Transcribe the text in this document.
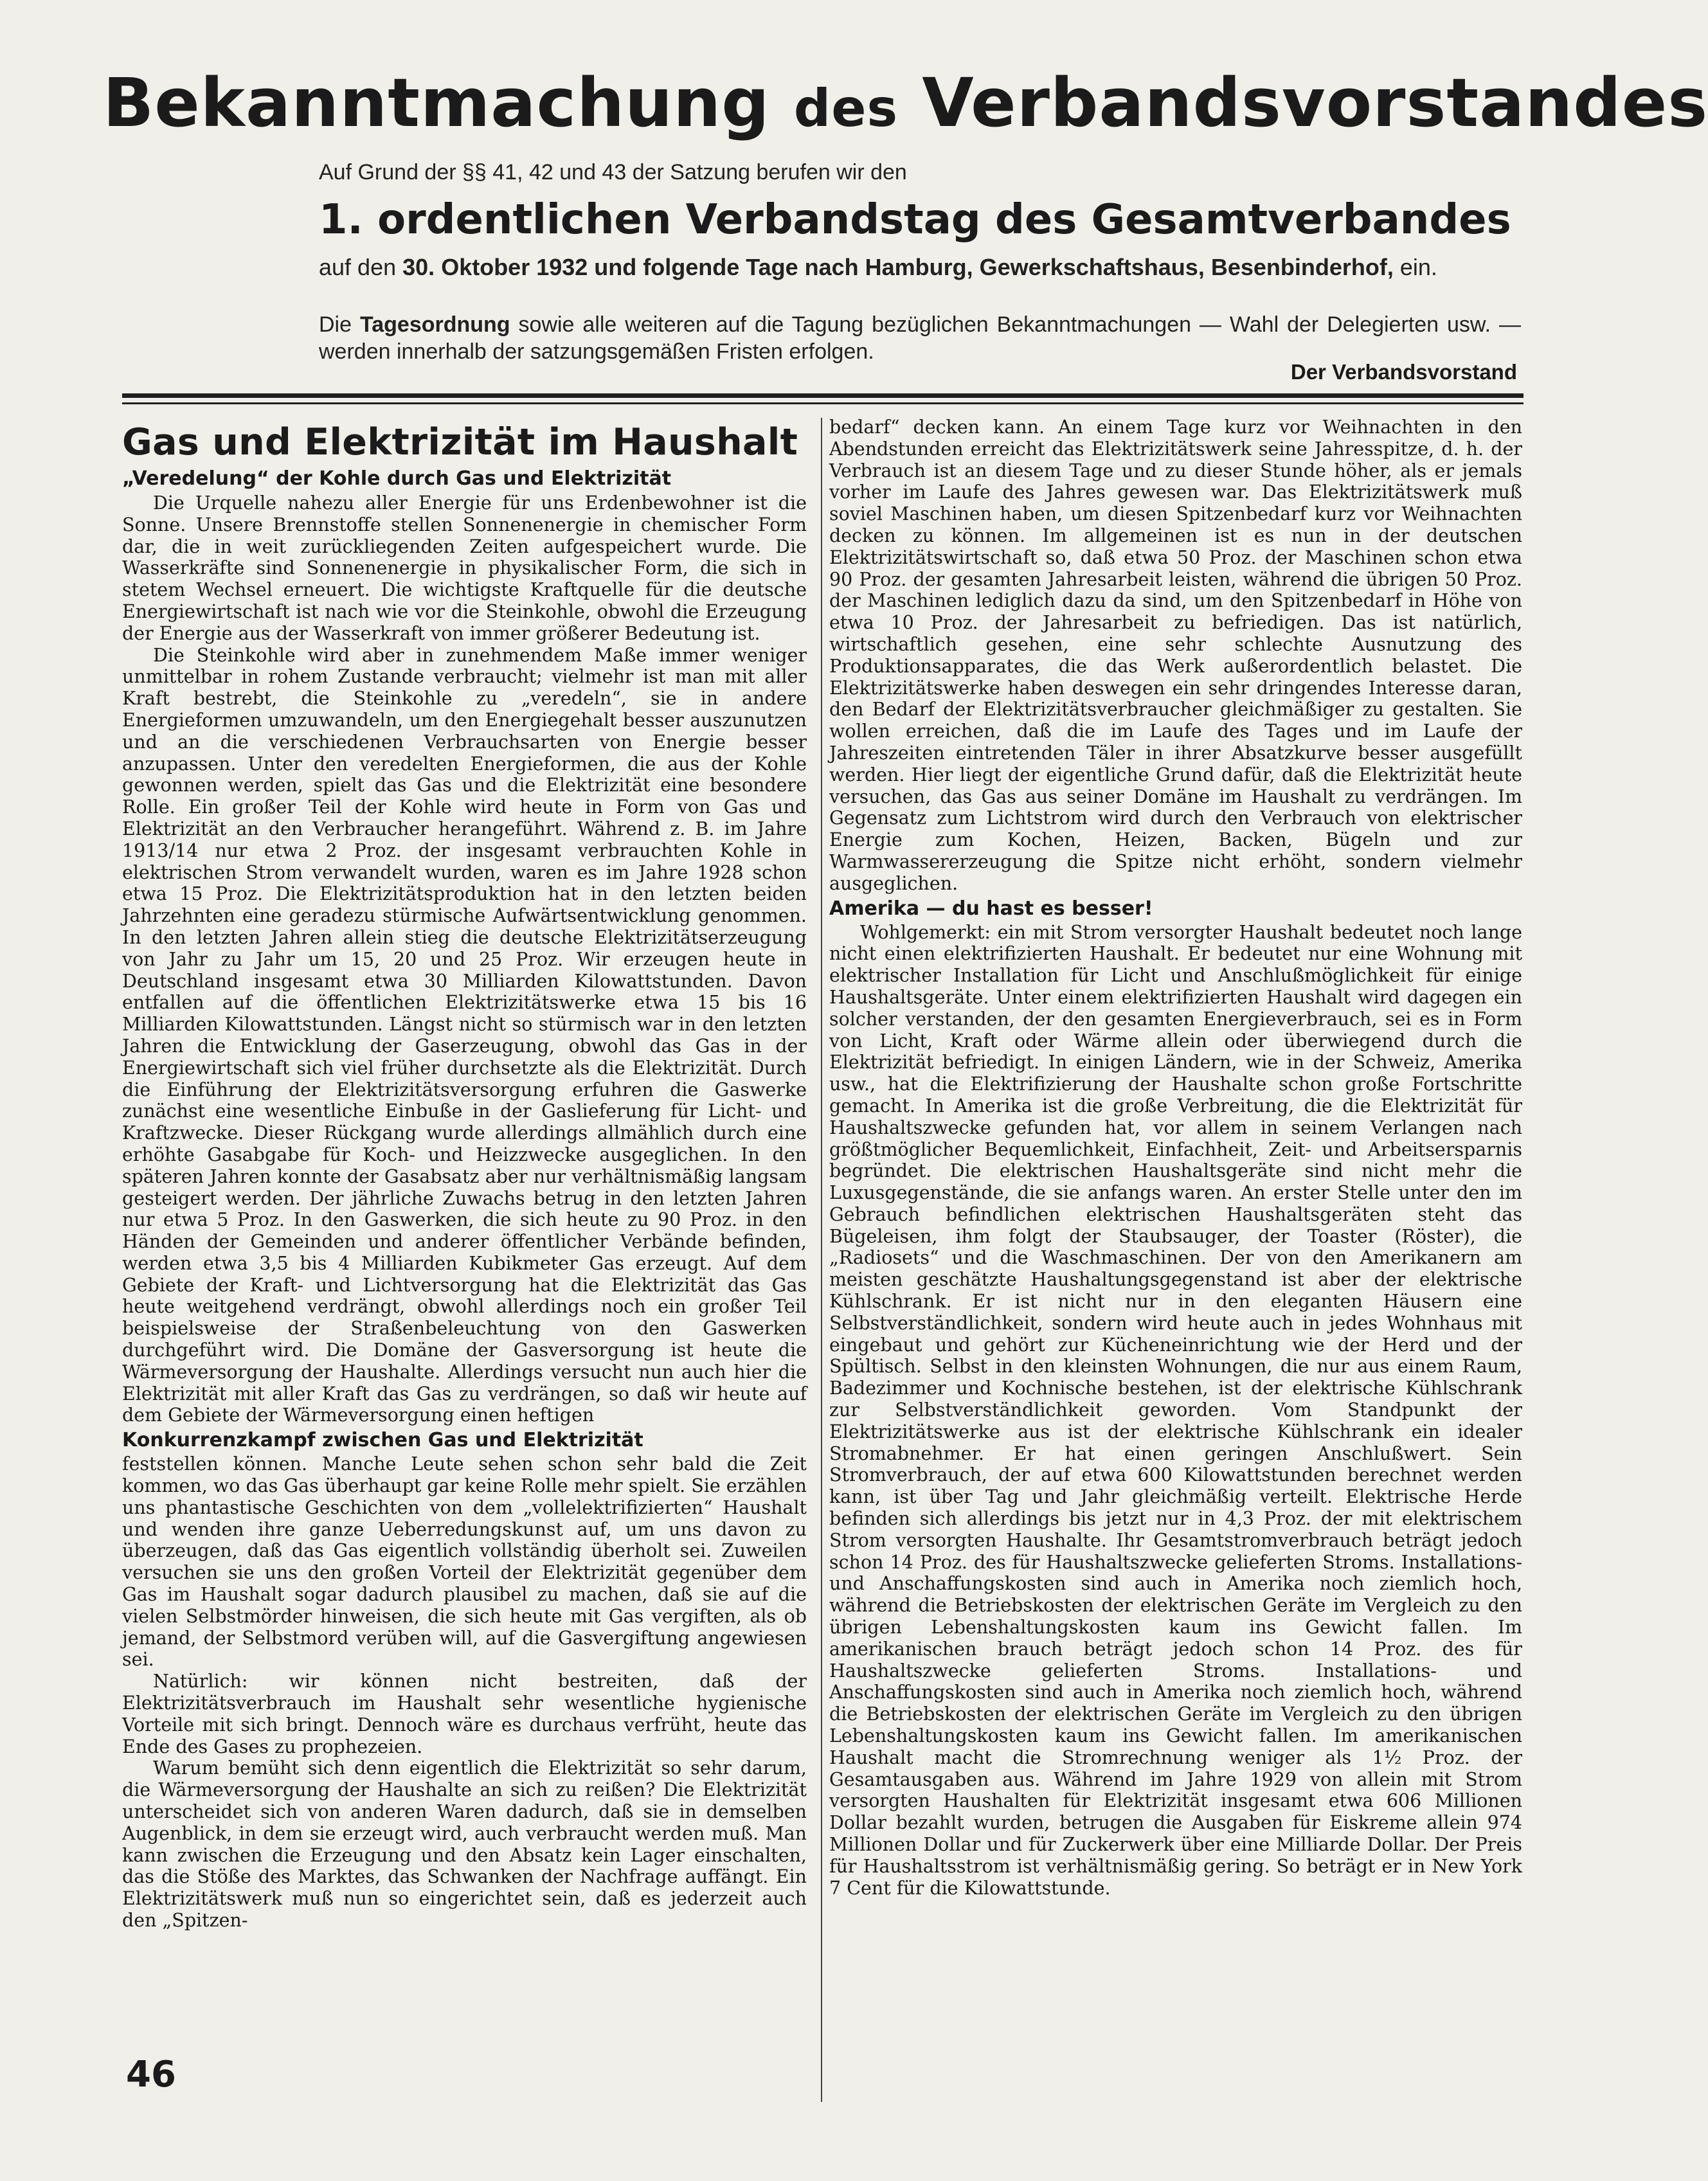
Bekanntmachung des Verbandsvorstandes
Auf Grund der §§ 41, 42 und 43 der Satzung berufen wir den
1. ordentlichen Verbandstag des Gesamtverbandes
auf den 30. Oktober 1932 und folgende Tage nach Hamburg, Gewerkschaftshaus, Besenbinderhof, ein.
Die Tagesordnung sowie alle weiteren auf die Tagung bezüglichen Bekanntmachungen — Wahl der Delegierten usw. — werden innerhalb der satzungsgemäßen Fristen erfolgen.
Der Verbandsvorstand
Gas und Elektrizität im Haushalt
„Veredelung“ der Kohle durch Gas und Elektrizität

Die Urquelle nahezu aller Energie für uns Erdenbewohner ist die Sonne. Unsere Brennstoffe stellen Sonnenenergie in chemischer Form dar, die in weit zurückliegenden Zeiten aufgespeichert wurde. Die Wasserkräfte sind Sonnenenergie in physikalischer Form, die sich in stetem Wechsel erneuert. Die wichtigste Kraftquelle für die deutsche Energiewirtschaft ist nach wie vor die Steinkohle, obwohl die Erzeugung der Energie aus der Wasserkraft von immer größerer Bedeutung ist.

Die Steinkohle wird aber in zunehmendem Maße immer weniger unmittelbar in rohem Zustande verbraucht; vielmehr ist man mit aller Kraft bestrebt, die Steinkohle zu „veredeln“, sie in andere Energieformen umzuwandeln, um den Energiegehalt besser auszunutzen und an die verschiedenen Verbrauchsarten von Energie besser anzupassen. Unter den veredelten Energieformen, die aus der Kohle gewonnen werden, spielt das Gas und die Elektrizität eine besondere Rolle. Ein großer Teil der Kohle wird heute in Form von Gas und Elektrizität an den Verbraucher herangeführt. Während z. B. im Jahre 1913/14 nur etwa 2 Proz. der insgesamt verbrauchten Kohle in elektrischen Strom verwandelt wurden, waren es im Jahre 1928 schon etwa 15 Proz. Die Elektrizitätsproduktion hat in den letzten beiden Jahrzehnten eine geradezu stürmische Aufwärtsentwicklung genommen. In den letzten Jahren allein stieg die deutsche Elektrizitätserzeugung von Jahr zu Jahr um 15, 20 und 25 Proz. Wir erzeugen heute in Deutschland insgesamt etwa 30 Milliarden Kilowattstunden. Davon entfallen auf die öffentlichen Elektrizitätswerke etwa 15 bis 16 Milliarden Kilowattstunden. Längst nicht so stürmisch war in den letzten Jahren die Entwicklung der Gaserzeugung, obwohl das Gas in der Energiewirtschaft sich viel früher durchsetzte als die Elektrizität. Durch die Einführung der Elektrizitätsversorgung erfuhren die Gaswerke zunächst eine wesentliche Einbuße in der Gaslieferung für Licht- und Kraftzwecke. Dieser Rückgang wurde allerdings allmählich durch eine erhöhte Gasabgabe für Koch- und Heizzwecke ausgeglichen. In den späteren Jahren konnte der Gasabsatz aber nur verhältnismäßig langsam gesteigert werden. Der jährliche Zuwachs betrug in den letzten Jahren nur etwa 5 Proz. In den Gaswerken, die sich heute zu 90 Proz. in den Händen der Gemeinden und anderer öffentlicher Verbände befinden, werden etwa 3,5 bis 4 Milliarden Kubikmeter Gas erzeugt. Auf dem Gebiete der Kraft- und Lichtversorgung hat die Elektrizität das Gas heute weitgehend verdrängt, obwohl allerdings noch ein großer Teil beispielsweise der Straßenbeleuchtung von den Gaswerken durchgeführt wird. Die Domäne der Gasversorgung ist heute die Wärmeversorgung der Haushalte. Allerdings versucht nun auch hier die Elektrizität mit aller Kraft das Gas zu verdrängen, so daß wir heute auf dem Gebiete der Wärmeversorgung einen heftigen

Konkurrenzkampf zwischen Gas und Elektrizität

feststellen können. Manche Leute sehen schon sehr bald die Zeit kommen, wo das Gas überhaupt gar keine Rolle mehr spielt. Sie erzählen uns phantastische Geschichten von dem „vollelektrifizierten“ Haushalt und wenden ihre ganze Ueberredungskunst auf, um uns davon zu überzeugen, daß das Gas eigentlich vollständig überholt sei. Zuweilen versuchen sie uns den großen Vorteil der Elektrizität gegenüber dem Gas im Haushalt sogar dadurch plausibel zu machen, daß sie auf die vielen Selbstmörder hinweisen, die sich heute mit Gas vergiften, als ob jemand, der Selbstmord verüben will, auf die Gasvergiftung angewiesen sei.

Natürlich: wir können nicht bestreiten, daß der Elektrizitätsverbrauch im Haushalt sehr wesentliche hygienische Vorteile mit sich bringt. Dennoch wäre es durchaus verfrüht, heute das Ende des Gases zu prophezeien.

Warum bemüht sich denn eigentlich die Elektrizität so sehr darum, die Wärmeversorgung der Haushalte an sich zu reißen? Die Elektrizität unterscheidet sich von anderen Waren dadurch, daß sie in demselben Augenblick, in dem sie erzeugt wird, auch verbraucht werden muß. Man kann zwischen die Erzeugung und den Absatz kein Lager einschalten, das die Stöße des Marktes, das Schwanken der Nachfrage auffängt. Ein Elektrizitätswerk muß nun so eingerichtet sein, daß es jederzeit auch den „Spitzen-

bedarf“ decken kann. An einem Tage kurz vor Weihnachten in den Abendstunden erreicht das Elektrizitätswerk seine Jahresspitze, d. h. der Verbrauch ist an diesem Tage und zu dieser Stunde höher, als er jemals vorher im Laufe des Jahres gewesen war. Das Elektrizitätswerk muß soviel Maschinen haben, um diesen Spitzenbedarf kurz vor Weihnachten decken zu können. Im allgemeinen ist es nun in der deutschen Elektrizitätswirtschaft so, daß etwa 50 Proz. der Maschinen schon etwa 90 Proz. der gesamten Jahresarbeit leisten, während die übrigen 50 Proz. der Maschinen lediglich dazu da sind, um den Spitzenbedarf in Höhe von etwa 10 Proz. der Jahresarbeit zu befriedigen. Das ist natürlich, wirtschaftlich gesehen, eine sehr schlechte Ausnutzung des Produktionsapparates, die das Werk außerordentlich belastet. Die Elektrizitätswerke haben deswegen ein sehr dringendes Interesse daran, den Bedarf der Elektrizitätsverbraucher gleichmäßiger zu gestalten. Sie wollen erreichen, daß die im Laufe des Tages und im Laufe der Jahreszeiten eintretenden Täler in ihrer Absatzkurve besser ausgefüllt werden. Hier liegt der eigentliche Grund dafür, daß die Elektrizität heute versuchen, das Gas aus seiner Domäne im Haushalt zu verdrängen. Im Gegensatz zum Lichtstrom wird durch den Verbrauch von elektrischer Energie zum Kochen, Heizen, Backen, Bügeln und zur Warmwassererzeugung die Spitze nicht erhöht, sondern vielmehr ausgeglichen.

Amerika — du hast es besser!

Wohlgemerkt: ein mit Strom versorgter Haushalt bedeutet noch lange nicht einen elektrifizierten Haushalt. Er bedeutet nur eine Wohnung mit elektrischer Installation für Licht und Anschlußmöglichkeit für einige Haushaltsgeräte. Unter einem elektrifizierten Haushalt wird dagegen ein solcher verstanden, der den gesamten Energieverbrauch, sei es in Form von Licht, Kraft oder Wärme allein oder überwiegend durch die Elektrizität befriedigt. In einigen Ländern, wie in der Schweiz, Amerika usw., hat die Elektrifizierung der Haushalte schon große Fortschritte gemacht. In Amerika ist die große Verbreitung, die die Elektrizität für Haushaltszwecke gefunden hat, vor allem in seinem Verlangen nach größtmöglicher Bequemlichkeit, Einfachheit, Zeit- und Arbeitsersparnis begründet. Die elektrischen Haushaltsgeräte sind nicht mehr die Luxusgegenstände, die sie anfangs waren. An erster Stelle unter den im Gebrauch befindlichen elektrischen Haushaltsgeräten steht das Bügeleisen, ihm folgt der Staubsauger, der Toaster (Röster), die „Radiosets“ und die Waschmaschinen. Der von den Amerikanern am meisten geschätzte Haushaltungsgegenstand ist aber der elektrische Kühlschrank. Er ist nicht nur in den eleganten Häusern eine Selbstverständlichkeit, sondern wird heute auch in jedes Wohnhaus mit eingebaut und gehört zur Kücheneinrichtung wie der Herd und der Spültisch. Selbst in den kleinsten Wohnungen, die nur aus einem Raum, Badezimmer und Kochnische bestehen, ist der elektrische Kühlschrank zur Selbstverständlichkeit geworden. Vom Standpunkt der Elektrizitätswerke aus ist der elektrische Kühlschrank ein idealer Stromabnehmer. Er hat einen geringen Anschlußwert. Sein Stromverbrauch, der auf etwa 600 Kilowattstunden berechnet werden kann, ist über Tag und Jahr gleichmäßig verteilt. Elektrische Herde befinden sich allerdings bis jetzt nur in 4,3 Proz. der mit elektrischem Strom versorgten Haushalte. Ihr Gesamtstromverbrauch beträgt jedoch schon 14 Proz. des für Haushaltszwecke gelieferten Stroms. Installations-und Anschaffungskosten sind auch in Amerika noch ziemlich hoch, während die Betriebskosten der elektrischen Geräte im Vergleich zu den übrigen Lebenshaltungskosten kaum ins Gewicht fallen. Im amerikanischen brauch beträgt jedoch schon 14 Proz. des für Haushaltszwecke gelieferten Stroms. Installations- und Anschaffungskosten sind auch in Amerika noch ziemlich hoch, während die Betriebskosten der elektrischen Geräte im Vergleich zu den übrigen Lebenshaltungskosten kaum ins Gewicht fallen. Im amerikanischen Haushalt macht die Stromrechnung weniger als 1½ Proz. der Gesamtausgaben aus. Während im Jahre 1929 von allein mit Strom versorgten Haushalten für Elektrizität insgesamt etwa 606 Millionen Dollar bezahlt wurden, betrugen die Ausgaben für Eiskreme allein 974 Millionen Dollar und für Zuckerwerk über eine Milliarde Dollar. Der Preis für Haushaltsstrom ist verhältnismäßig gering. So beträgt er in New York 7 Cent für die Kilowattstunde.

46
